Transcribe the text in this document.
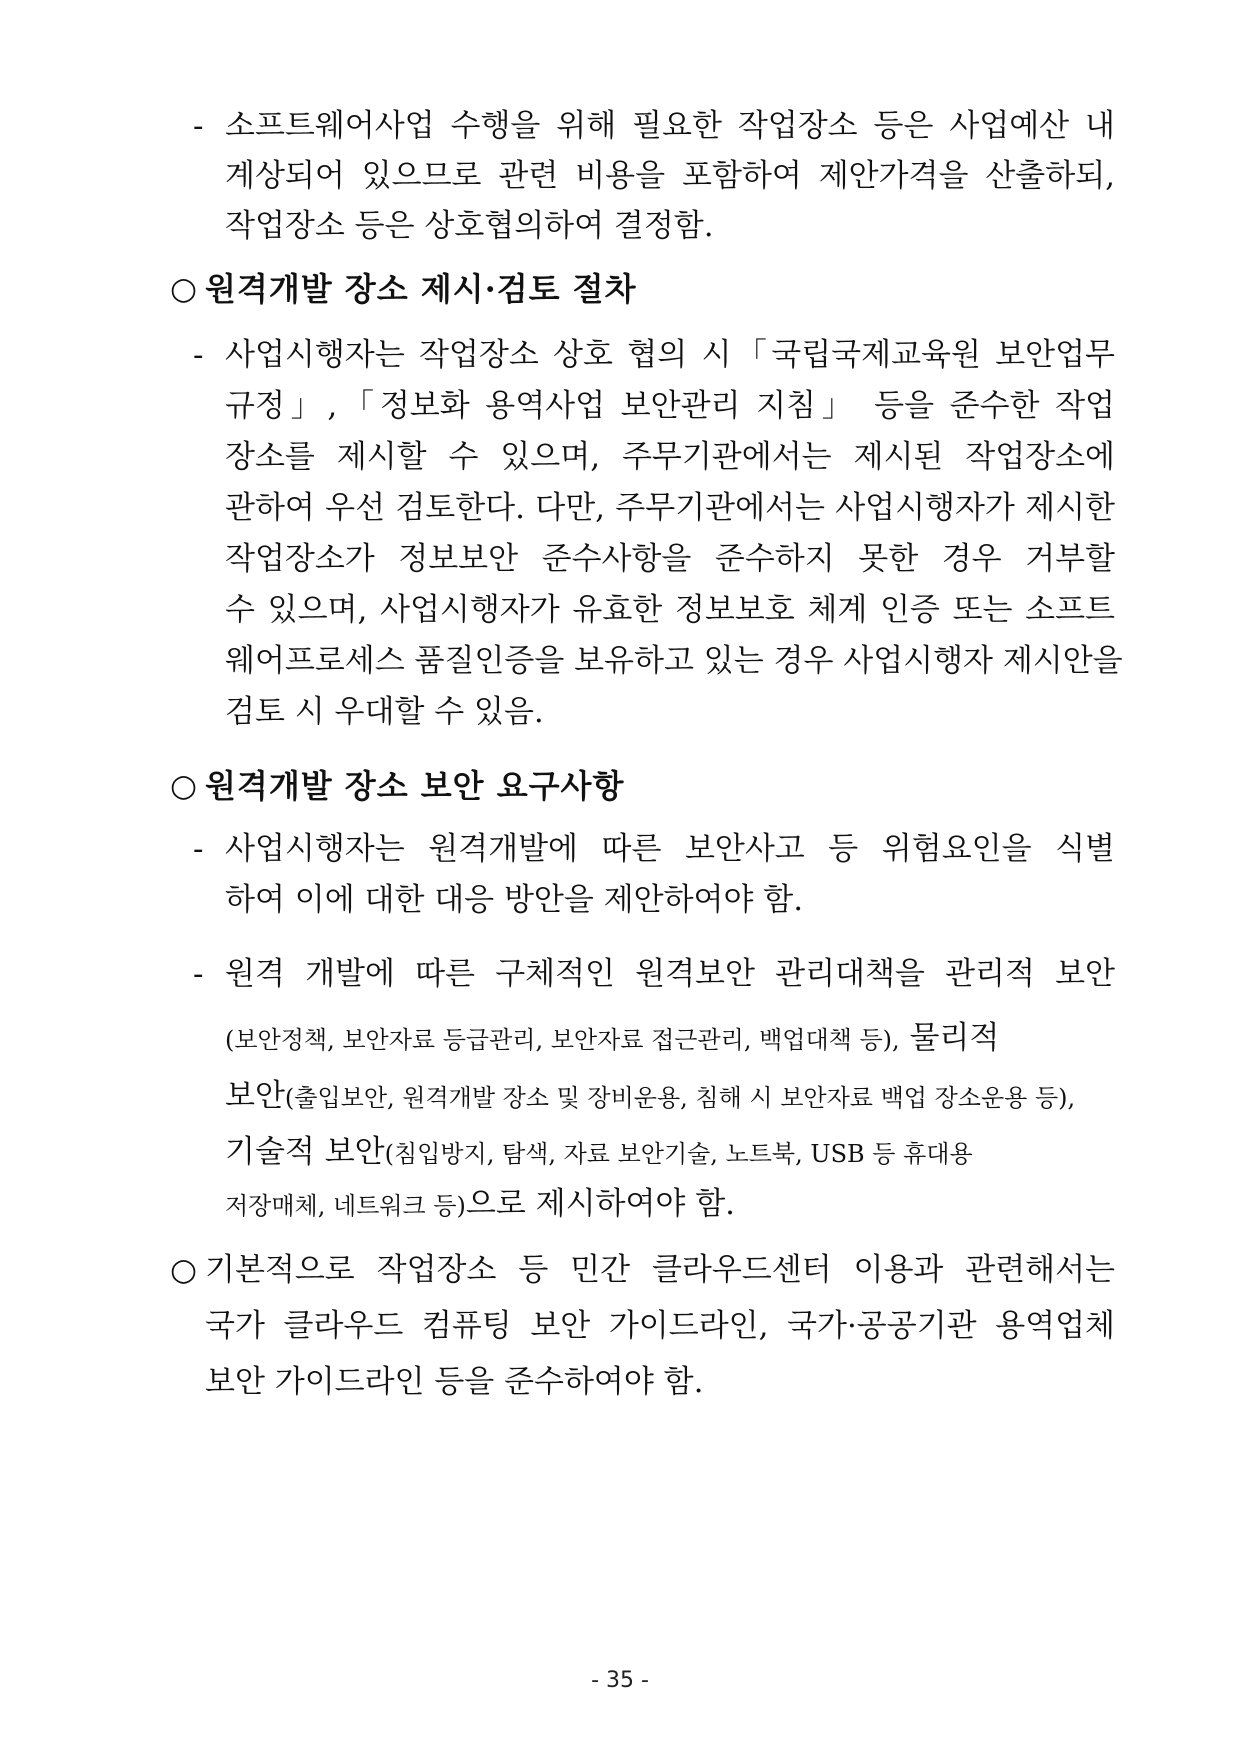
- 소프트웨어사업 수행을 위해 필요한 작업장소 등은 사업예산 내
계상되어 있으므로 관련 비용을 포함하여 제안가격을 산출하되,
작업장소 등은 상호협의하여 결정함.
○ 원격개발 장소 제시·검토 절차
- 사업시행자는 작업장소 상호 협의 시「국립국제교육원 보안업무
규정」,「정보화 용역사업 보안관리 지침」 등을 준수한 작업
장소를 제시할 수 있으며, 주무기관에서는 제시된 작업장소에
관하여 우선 검토한다. 다만, 주무기관에서는 사업시행자가 제시한
작업장소가 정보보안 준수사항을 준수하지 못한 경우 거부할
수 있으며, 사업시행자가 유효한 정보보호 체계 인증 또는 소프트
웨어프로세스 품질인증을 보유하고 있는 경우 사업시행자 제시안을
검토 시 우대할 수 있음.
○ 원격개발 장소 보안 요구사항
- 사업시행자는 원격개발에 따른 보안사고 등 위험요인을 식별
하여 이에 대한 대응 방안을 제안하여야 함.
- 원격 개발에 따른 구체적인 원격보안 관리대책을 관리적 보안
(보안정책, 보안자료 등급관리, 보안자료 접근관리, 백업대책 등), 물리적
보안(출입보안, 원격개발 장소 및 장비운용, 침해 시 보안자료 백업 장소운용 등),
기술적 보안(침입방지, 탐색, 자료 보안기술, 노트북, USB 등 휴대용
저장매체, 네트워크 등)으로 제시하여야 함.
○ 기본적으로 작업장소 등 민간 클라우드센터 이용과 관련해서는
국가 클라우드 컴퓨팅 보안 가이드라인, 국가·공공기관 용역업체
보안 가이드라인 등을 준수하여야 함.
- 35 -
